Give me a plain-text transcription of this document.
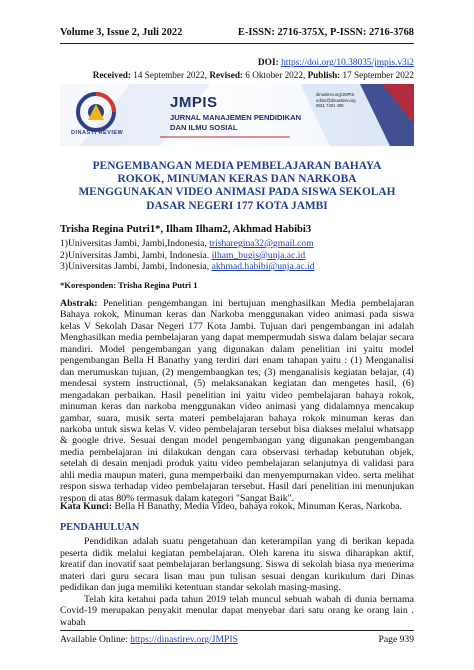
Volume 3, Issue 2, Juli 2022	E-ISSN: 2716-375X, P-ISSN: 2716-3768
DOI: https://doi.org/10.38035/jmpis.v3i2
Received: 14 September 2022, Revised: 6 Oktober 2022, Publish: 17 September 2022
DINASTI REVIEW
JMPIS
JURNAL MANAJEMEN PENDIDIKAN
DAN ILMU SOSIAL
dinastirev.org/JMPIS
editor@dinastirev.org
0811 7401 495
PENGEMBANGAN MEDIA PEMBELAJARAN BAHAYA ROKOK, MINUMAN KERAS DAN NARKOBA MENGGUNAKAN VIDEO ANIMASI PADA SISWA SEKOLAH DASAR NEGERI 177 KOTA JAMBI
Trisha Regina Putri1*, Ilham Ilham2, Akhmad Habibi3
1)Universitas Jambi, Jambi,Indonesia, trisharegina32@gmail.com
2)Universitas Jambi, Jambi, Indonesia. ilham_bugis@unja.ac.id
3)Universitas Jambi, Jambi, Indonesia, akhmad.habibi@unja.ac.id
*Koresponden: Trisha Regina Putri 1
Abstrak: Penelitian pengembangan ini bertujuan menghasilkan Media pembelajaran Bahaya rokok, Minuman keras dan Narkoba menggunakan video animasi pada siswa kelas V Sekolah Dasar Negeri 177 Kota Jambi. Tujuan dari pengembangan ini adalah Menghasilkan media pembelajaran yang dapat mempermudah siswa dalam belajar secara mandiri. Model pengembangan yang digunakan dalam penelitian ini yaitu model pengembangan Bella H Banathy yang terdiri dari enam tahapan yaitu : (1) Menganalisi dan merumuskan tujuan, (2) mengembangkan tes, (3) menganalisis kegiatan belajar, (4) mendesai system instructional, (5) melaksanakan kegiatan dan mengetes hasil, (6) mengadakan perbaikan. Hasil penelitian ini yaitu video pembelajaran bahaya rokok, minuman keras dan narkoba menggunakan video animasi yang didalamnya mencakup gambar, suara, musik serta materi pembelajaran bahaya rokok minuman keras dan narkoba untuk siswa kelas V. video pembelajaran tersebut bisa diakses melalui whatsapp & google drive. Sesuai dengan model pengembangan yang digunakan pengembangan media pembelajaran ini dilakukan dengan cara observasi terhadap kebutuhan objek, setelah di desain menjadi produk yaitu video pembelajaran selanjutnya di validasi para ahli media maupun materi, guna memperbaiki dan menyempurnakan video. serta melihat respon siswa terhadap video pembelajaran tersebut. Hasil dari penelitian ini menunjukan respon di atas 80% termasuk dalam kategori "Sangat Baik".
Kata Kunci: Bella H Banathy, Media Video, bahaya rokok, Minuman Keras, Narkoba.
PENDAHULUAN

Pendidikan adalah suatu pengetahuan dan keterampilan yang di berikan kepada peserta didik melalui kegiatan pembelajaran. Oleh karena itu siswa diharapkan aktif, kreatif dan inovatif saat pembelajaran berlangsung. Siswa di sekolah biasa nya menerima materi dari guru secara lisan mau pun tulisan sesuai dengan kurikulum dari Dinas pedidikan dan juga memiliki ketentuan standar sekolah masing-masing.

Telah kita ketahui pada tahun 2019 telah muncul sebuah wabah di dunia bernama Covid-19 merupakan penyakit menular dapat menyebar dari satu orang ke orang lain . wabah

Available Online: https://dinastirev.org/JMPIS	Page 939
